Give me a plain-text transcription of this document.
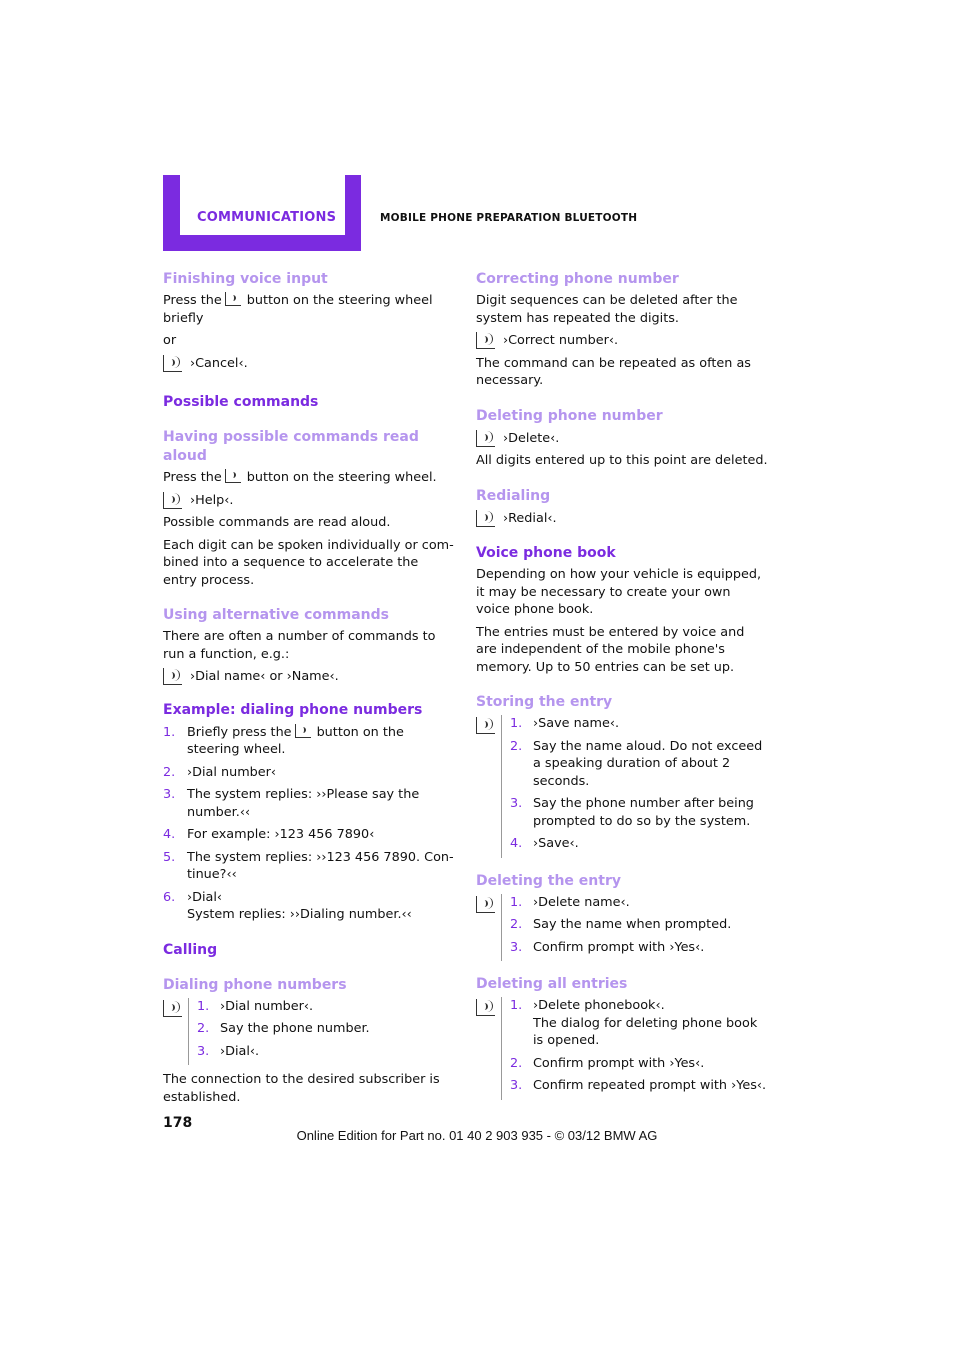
COMMUNICATIONS	MOBILE PHONE PREPARATION BLUETOOTH
Finishing voice input

Press the button on the steering wheel briefly

or

›Cancel‹.
Possible commands
Having possible commands read aloud

Press the button on the steering wheel.

›Help‹.

Possible commands are read aloud.

Each digit can be spoken individually or combined into a sequence to accelerate the entry process.

Using alternative commands

There are often a number of commands to run a function, e.g.:

›Dial name‹ or ›Name‹.
Example: dialing phone numbers
1. Briefly press the button on the steering wheel.
2. ›Dial number‹
3. The system replies: ››Please say the number.‹‹
4. For example: ›123 456 7890‹
5. The system replies: ››123 456 7890. Continue?‹‹
6. ›Dial‹
System replies: ››Dialing number.‹‹
Calling
Dialing phone numbers
1. ›Dial number‹.
2. Say the phone number.
3. ›Dial‹.

The connection to the desired subscriber is established.

Correcting phone number

Digit sequences can be deleted after the system has repeated the digits.

›Correct number‹.

The command can be repeated as often as necessary.

Deleting phone number
›Delete‹.

All digits entered up to this point are deleted.

Redialing
›Redial‹.
Voice phone book

Depending on how your vehicle is equipped, it may be necessary to create your own voice phone book.

The entries must be entered by voice and are independent of the mobile phone's memory. Up to 50 entries can be set up.

Storing the entry
1. ›Save name‹.
2. Say the name aloud. Do not exceed a speaking duration of about 2 seconds.
3. Say the phone number after being prompted to do so by the system.
4. ›Save‹.
Deleting the entry
1. ›Delete name‹.
2. Say the name when prompted.
3. Confirm prompt with ›Yes‹.
Deleting all entries
1. ›Delete phonebook‹.
The dialog for deleting phone book is opened.
2. Confirm prompt with ›Yes‹.
3. Confirm repeated prompt with ›Yes‹.
178
Online Edition for Part no. 01 40 2 903 935 - © 03/12 BMW AG
